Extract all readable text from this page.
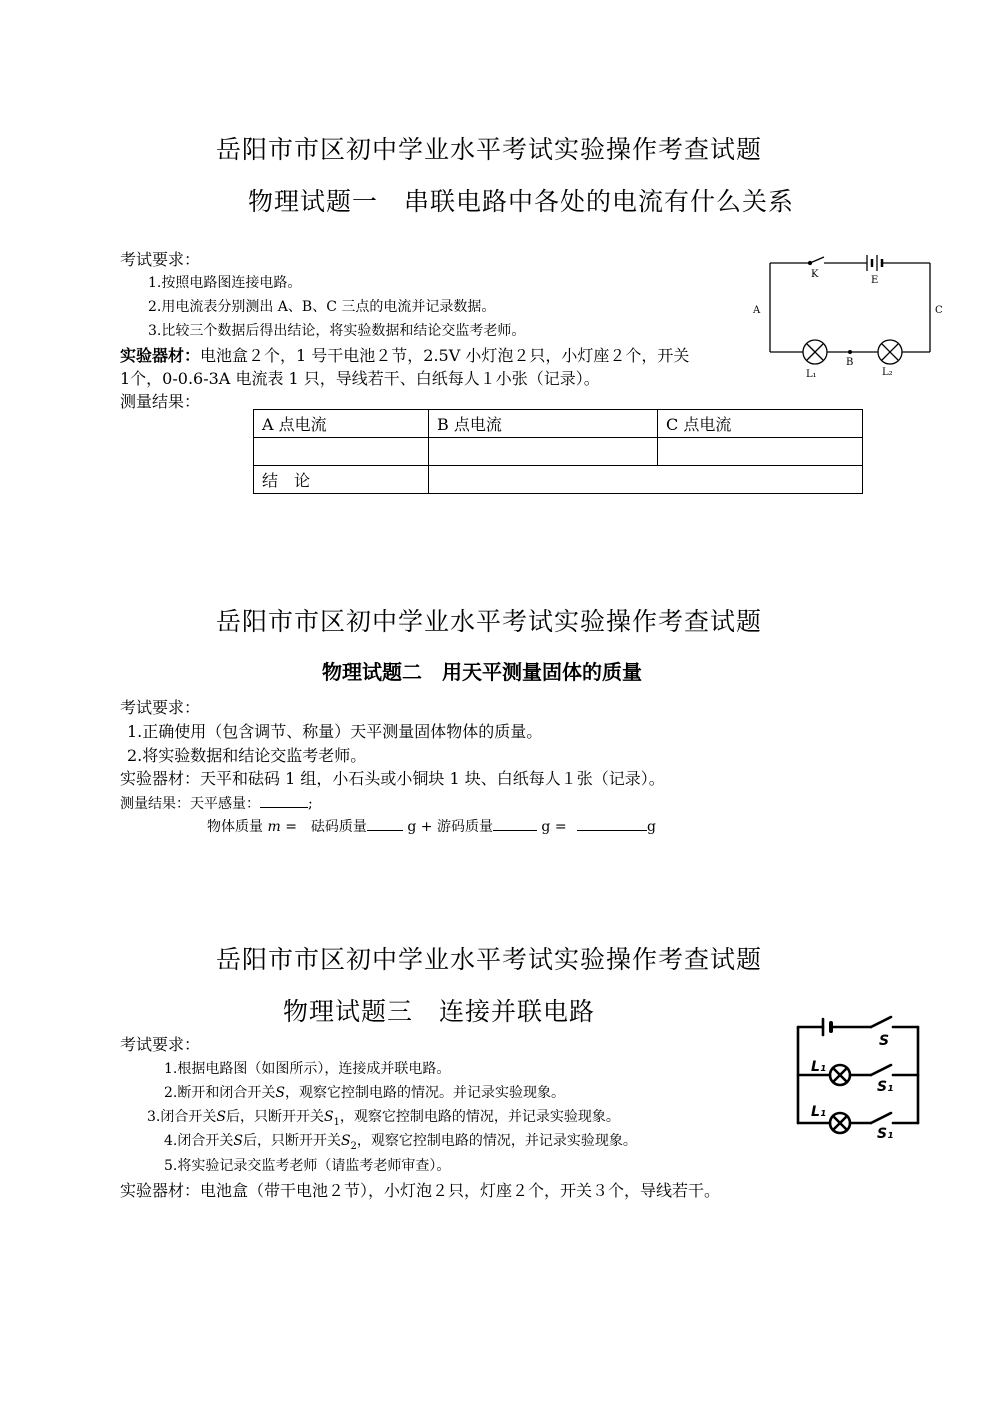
岳阳市市区初中学业水平考试实验操作考查试题
物理试题一　串联电路中各处的电流有什么关系
考试要求：
1.按照电路图连接电路。
2.用电流表分别测出 A、B、C 三点的电流并记录数据。
3.比较三个数据后得出结论，将实验数据和结论交监考老师。
实验器材：电池盒２个，1 号干电池２节，2.5V 小灯泡２只，小灯座２个，开关
1个，0-0.6-3A 电流表 1 只，导线若干、白纸每人１小张（记录）。
测量结果：
A 点电流	B 点电流	C 点电流

结　论		
K
E
A	C
B
L₁	L₂
岳阳市市区初中学业水平考试实验操作考查试题
物理试题二　用天平测量固体的质量
考试要求：
1.正确使用（包含调节、称量）天平测量固体物体的质量。
2.将实验数据和结论交监考老师。
实验器材：天平和砝码 1 组，小石头或小铜块 1 块、白纸每人１张（记录）。
测量结果：天平感量：	;
物体质量 m =　砝码质量	g + 游码质量	g =	g
岳阳市市区初中学业水平考试实验操作考查试题
物理试题三　连接并联电路
考试要求：
1.根据电路图（如图所示），连接成并联电路。
2.断开和闭合开关S，观察它控制电路的情况。并记录实验现象。
3.闭合开关S后，只断开开关$S_1$，观察它控制电路的情况，并记录实验现象。
4.闭合开关S后，只断开开关$S_2$，观察它控制电路的情况，并记录实验现象。
5.将实验记录交监考老师（请监考老师审查）。
实验器材：电池盒（带干电池２节），小灯泡２只，灯座２个，开关３个，导线若干。
S
S₁
L₁
S₁
L₁
